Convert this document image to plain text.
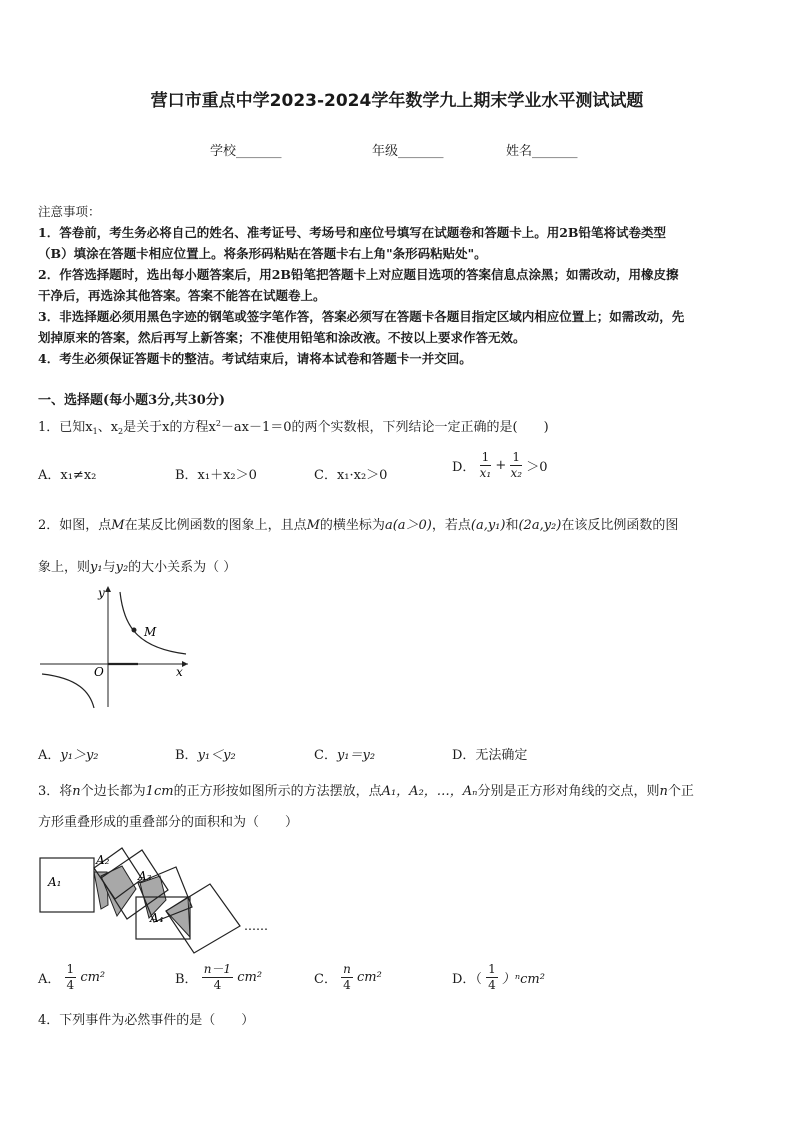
营口市重点中学2023-2024学年数学九上期末学业水平测试试题
学校_______	年级_______	姓名_______
注意事项：
1．答卷前，考生务必将自己的姓名、准考证号、考场号和座位号填写在试题卷和答题卡上。用2B铅笔将试卷类型
（B）填涂在答题卡相应位置上。将条形码粘贴在答题卡右上角"条形码粘贴处"。
2．作答选择题时，选出每小题答案后，用2B铅笔把答题卡上对应题目选项的答案信息点涂黑；如需改动，用橡皮擦
干净后，再选涂其他答案。答案不能答在试题卷上。
3．非选择题必须用黑色字迹的钢笔或签字笔作答，答案必须写在答题卡各题目指定区域内相应位置上；如需改动，先
划掉原来的答案，然后再写上新答案；不准使用铅笔和涂改液。不按以上要求作答无效。
4．考生必须保证答题卡的整洁。考试结束后，请将本试卷和答题卡一并交回。
一、选择题(每小题3分,共30分)
1．已知$x_1$、$x_2$是关于x的方程$x^2-ax-1=0$的两个实数根，下列结论一定正确的是(　　)
A．x₁≠x₂	B．x₁＋x₂＞0	C．x₁·x₂＞0
D． $\frac{1}{\text{x₁}} + \frac{1}{\text{x₂}} >0$
2．如图，点M在某反比例函数的图象上，且点M的横坐标为a(a＞0)，若点(a,y₁)和(2a,y₂)在该反比例函数的图
象上，则y₁与y₂的大小关系为（ ）
M
y
x
O
A．y₁＞y₂	B．y₁＜y₂	C．y₁＝y₂	D．无法确定
3．将n个边长都为1cm的正方形按如图所示的方法摆放，点A₁，A₂，…，Aₙ分别是正方形对角线的交点，则n个正
方形重叠形成的重叠部分的面积和为（　　）
A₁
A₂
A₃
A₄
……
A． $\frac{1}{4} cm^2$	B． $\frac{n-1}{4} cm^2$	C． $\frac{n}{4} cm^2$	D．（ $\frac{1}{4} )^ncm^2$
4．下列事件为必然事件的是（　　）
